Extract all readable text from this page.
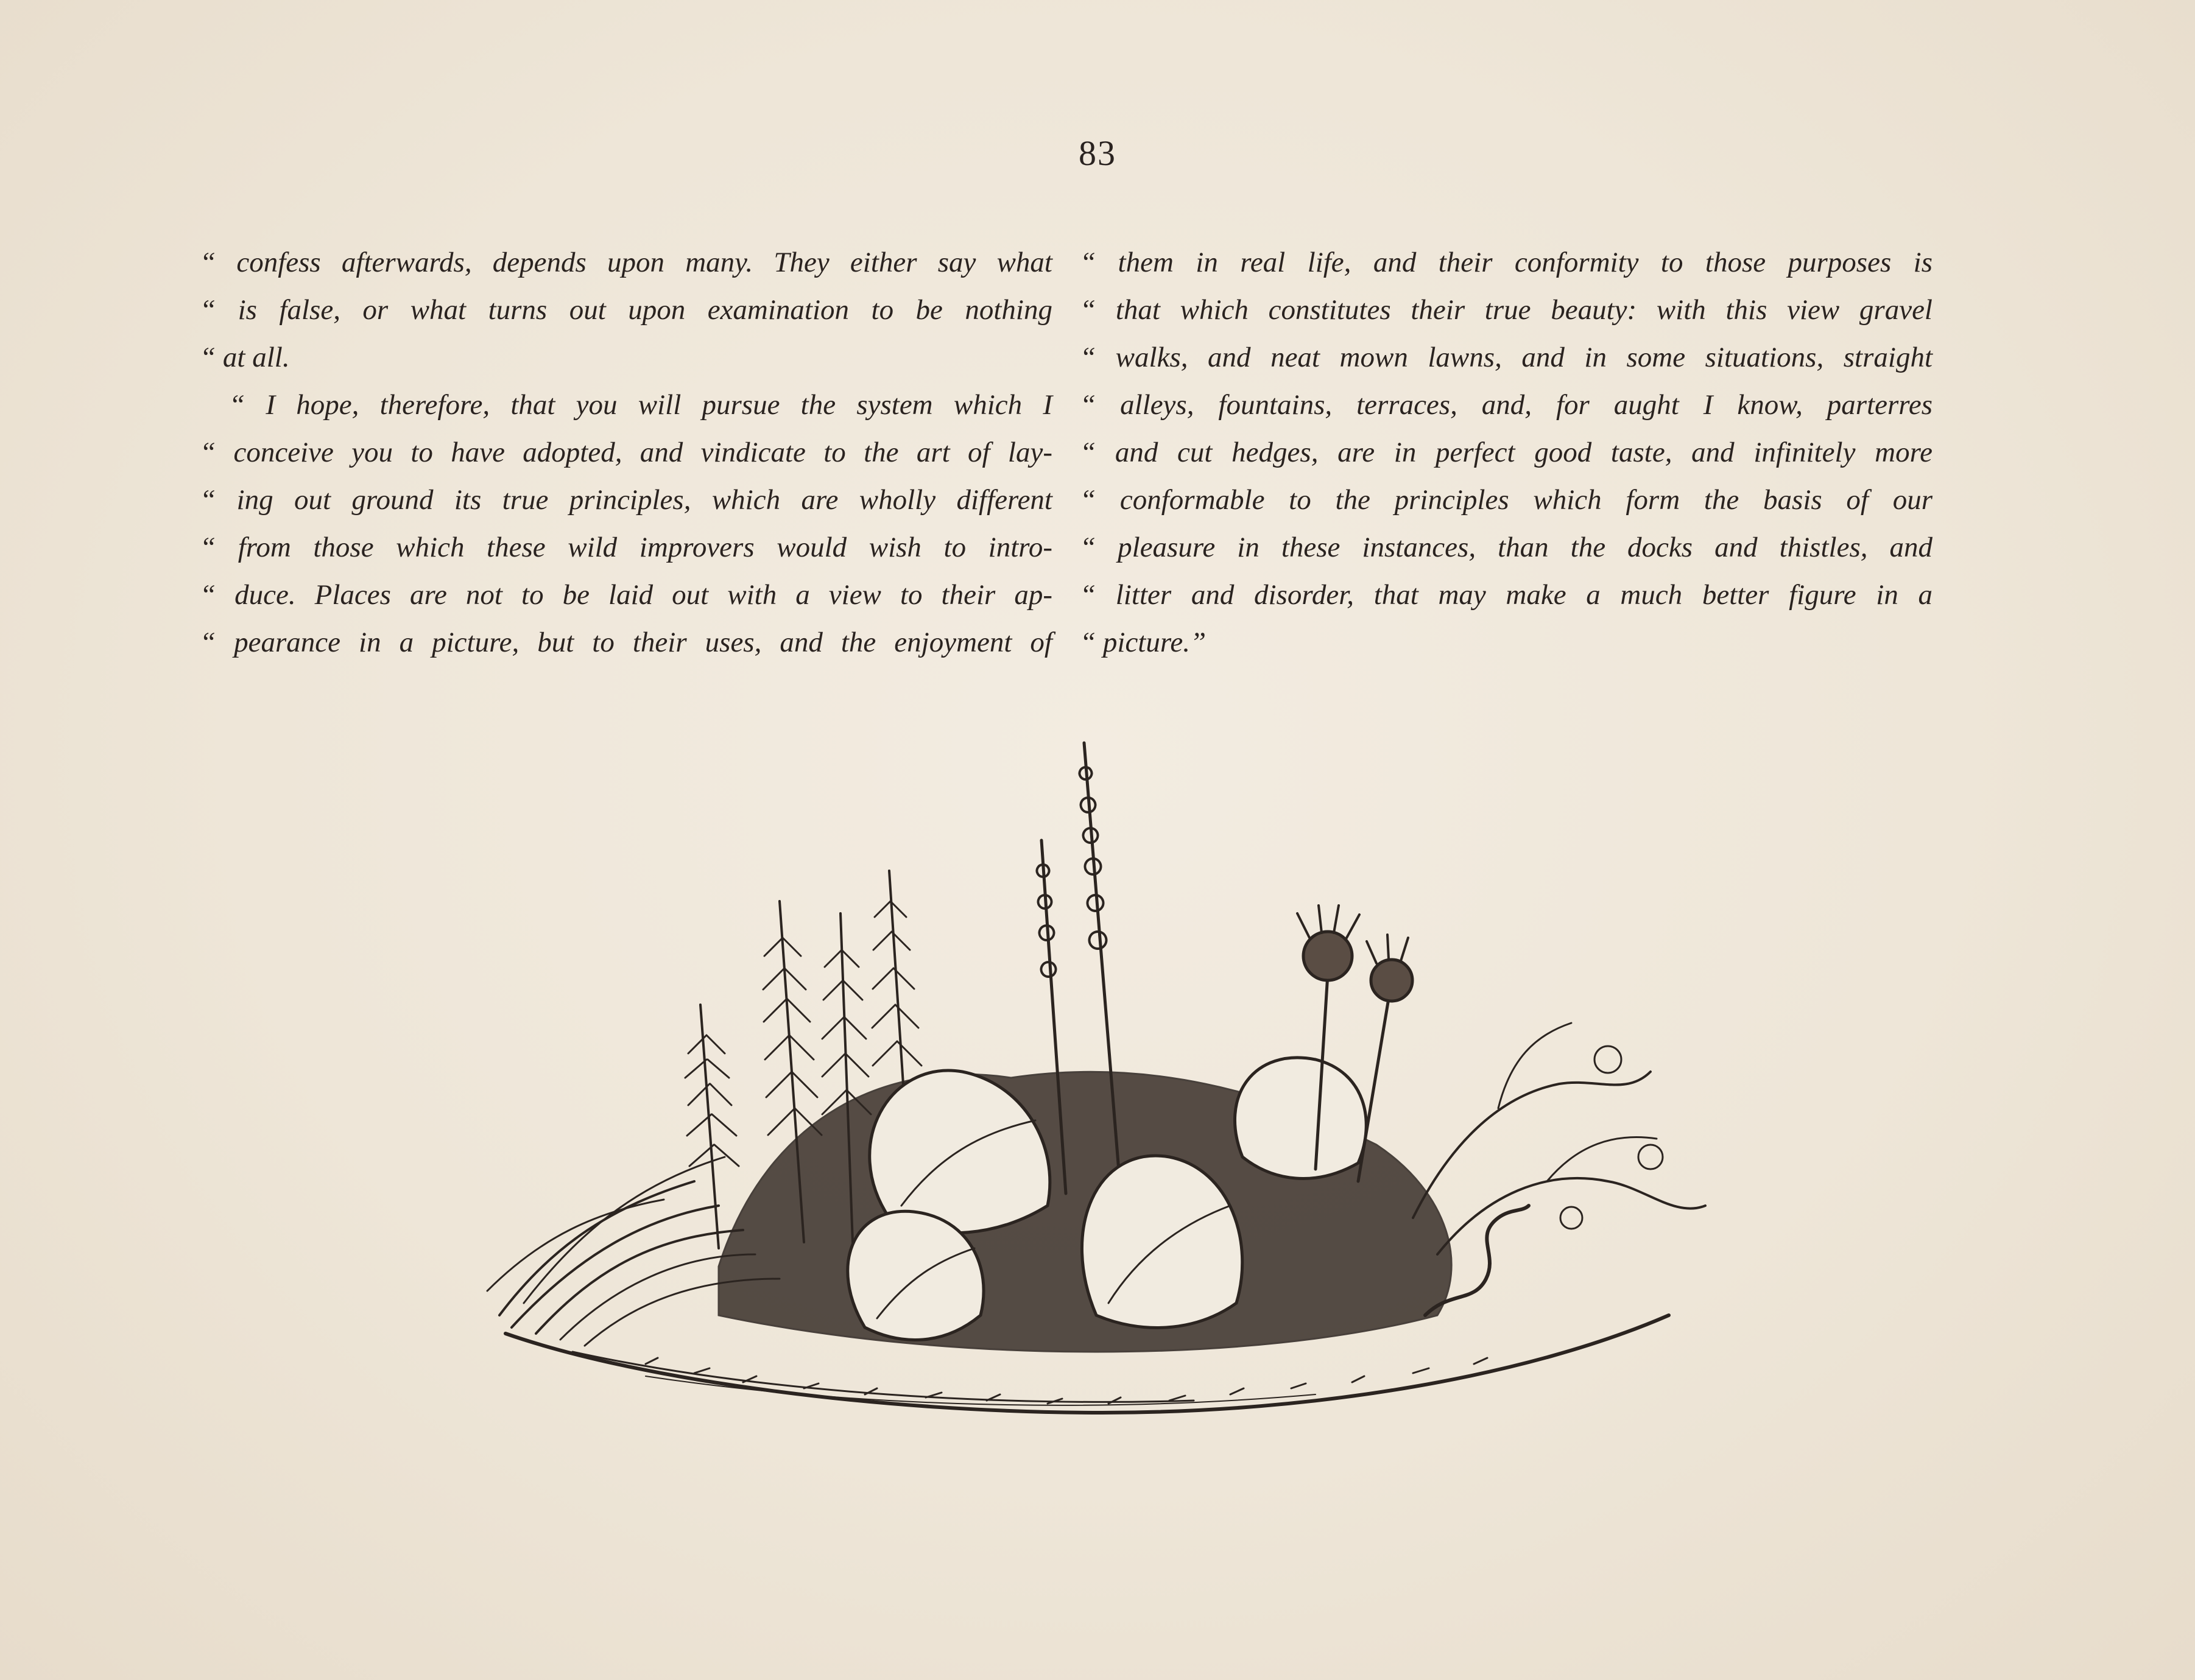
83
“ confess afterwards, depends upon many. They either say what
“ is false, or what turns out upon examination to be nothing
“ at all.
“ I hope, therefore, that you will pursue the system which I
“ conceive you to have adopted, and vindicate to the art of lay-
“ ing out ground its true principles, which are wholly different
“ from those which these wild improvers would wish to intro-
“ duce. Places are not to be laid out with a view to their ap-
“ pearance in a picture, but to their uses, and the enjoyment of
“ them in real life, and their conformity to those purposes is
“ that which constitutes their true beauty: with this view gravel
“ walks, and neat mown lawns, and in some situations, straight
“ alleys, fountains, terraces, and, for aught I know, parterres
“ and cut hedges, are in perfect good taste, and infinitely more
“ conformable to the principles which form the basis of our
“ pleasure in these instances, than the docks and thistles, and
“ litter and disorder, that may make a much better figure in a
“ picture.”
